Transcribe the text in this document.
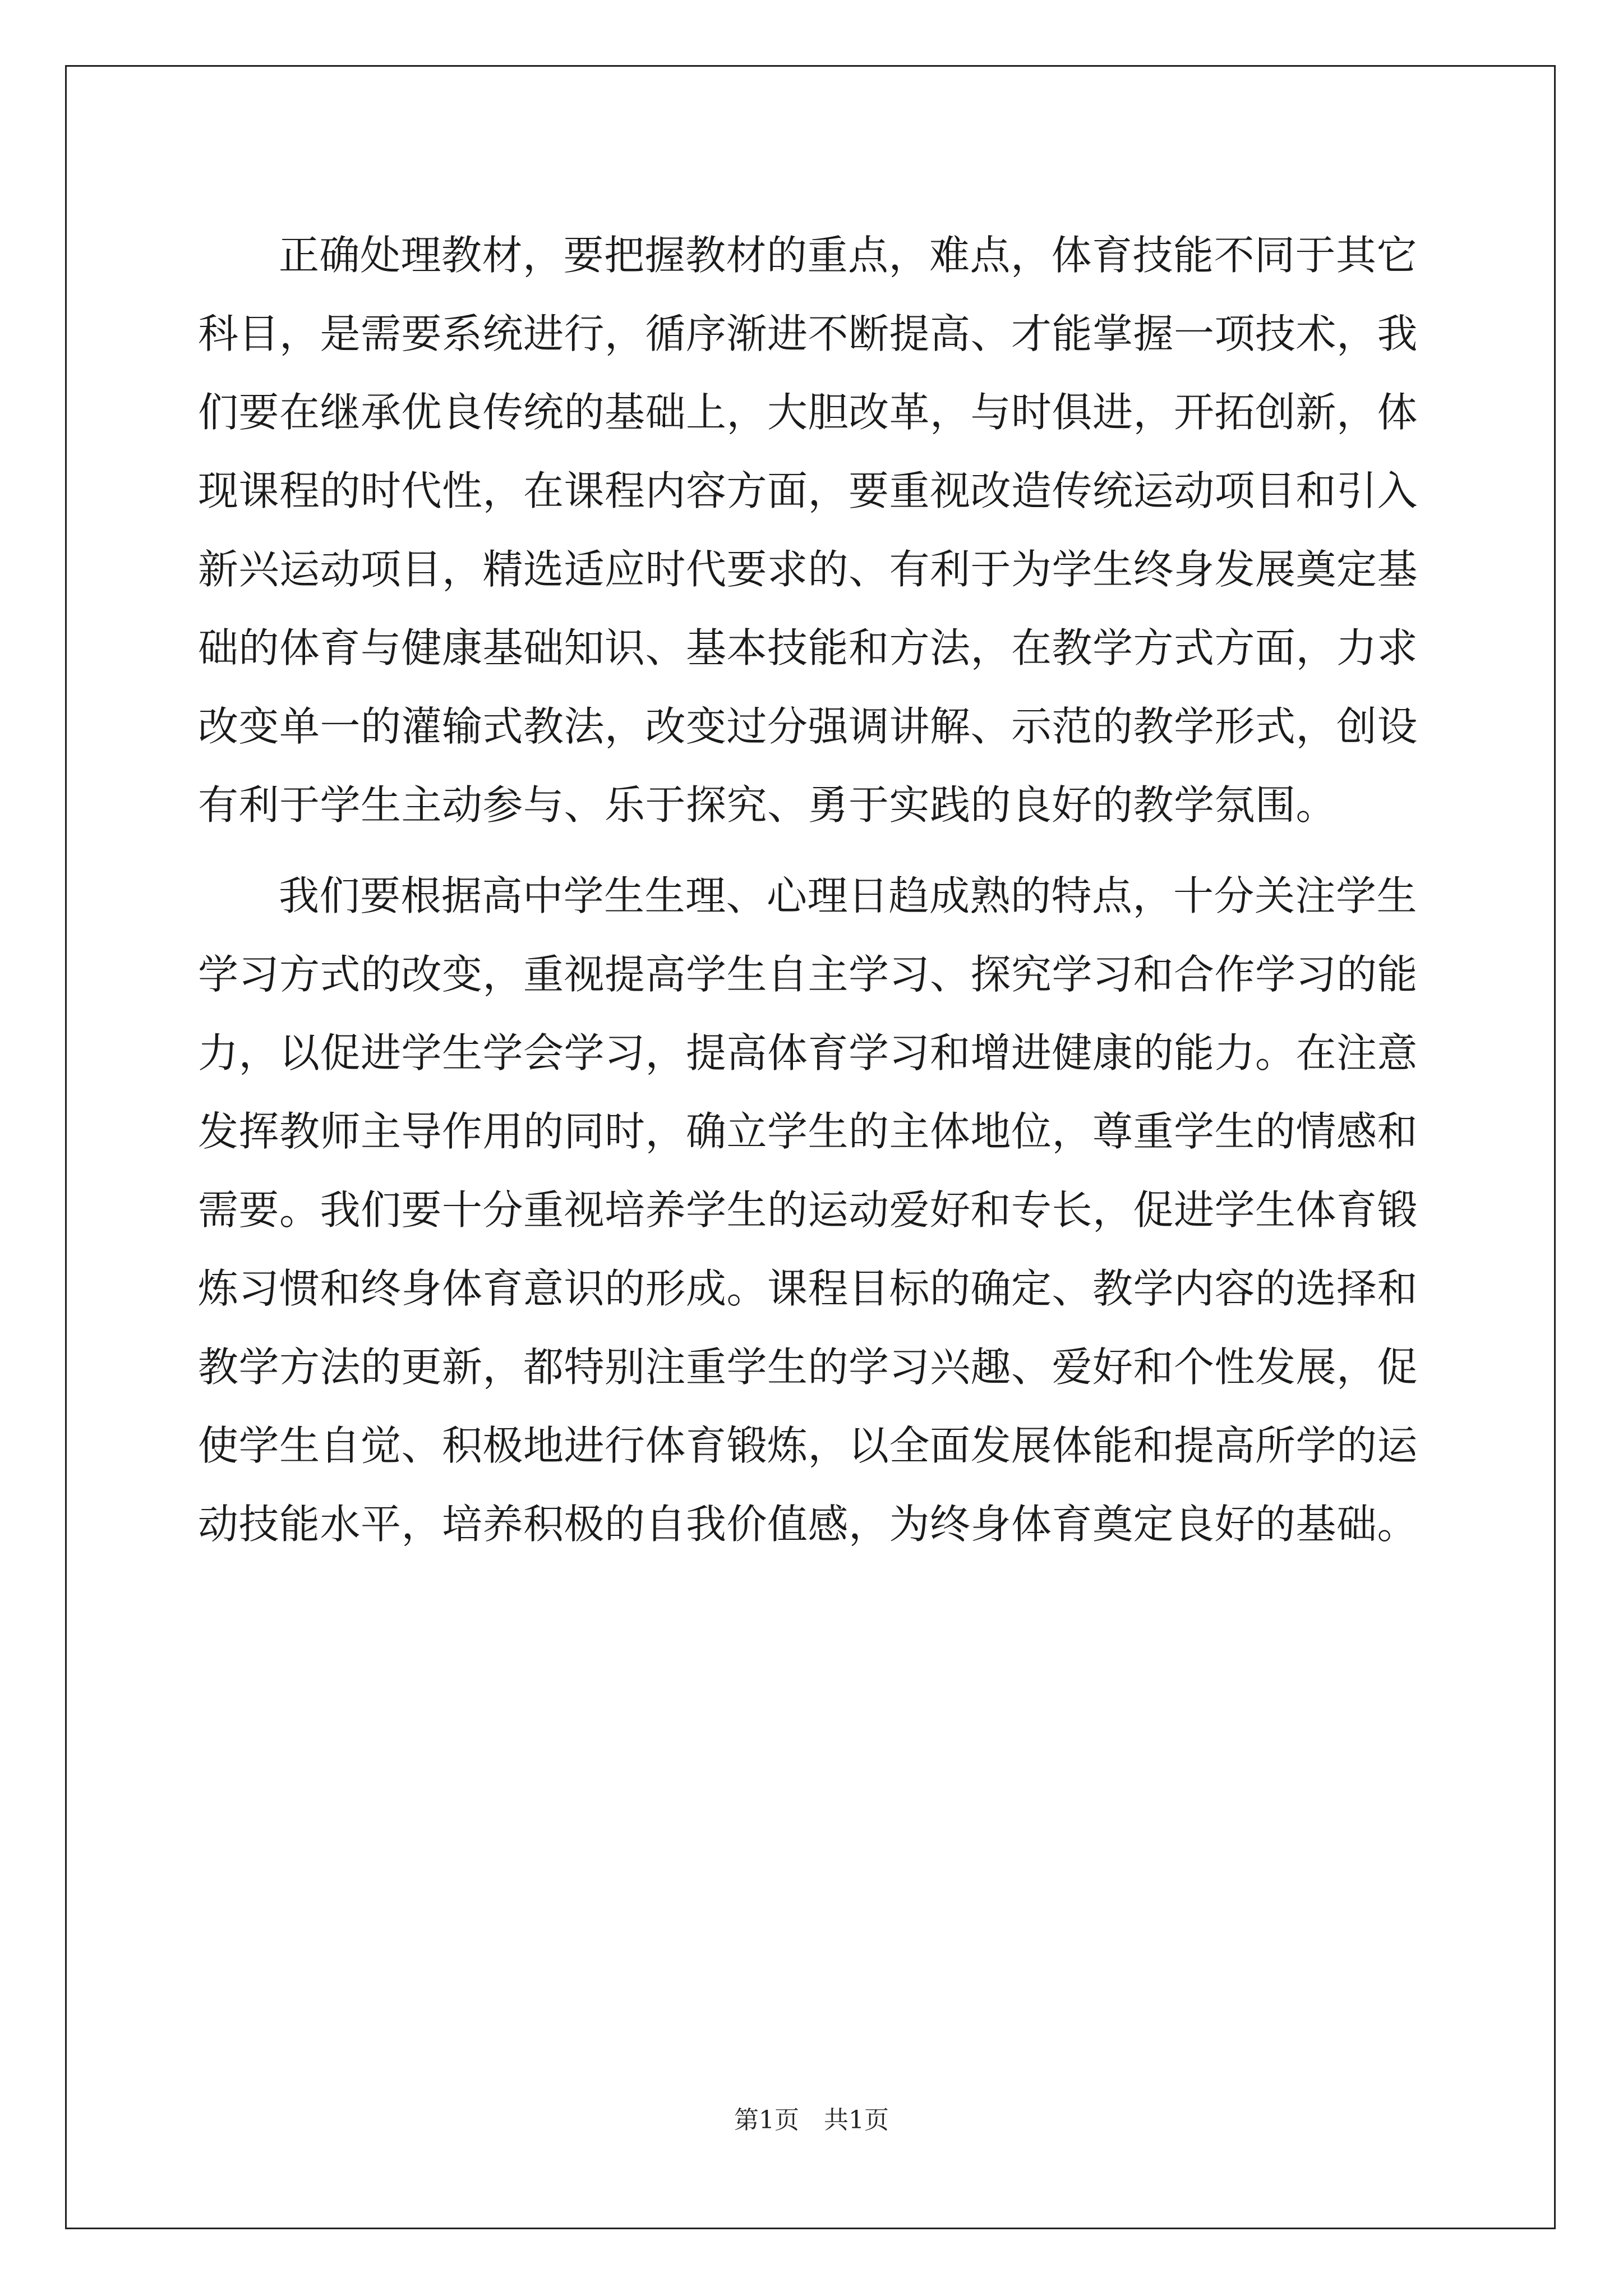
正确处理教材，要把握教材的重点，难点，体育技能不同于其它
科目，是需要系统进行，循序渐进不断提高、才能掌握一项技术，我
们要在继承优良传统的基础上，大胆改革，与时俱进，开拓创新，体
现课程的时代性，在课程内容方面，要重视改造传统运动项目和引入
新兴运动项目，精选适应时代要求的、有利于为学生终身发展奠定基
础的体育与健康基础知识、基本技能和方法，在教学方式方面，力求
改变单一的灌输式教法，改变过分强调讲解、示范的教学形式，创设
有利于学生主动参与、乐于探究、勇于实践的良好的教学氛围。

我们要根据高中学生生理、心理日趋成熟的特点，十分关注学生
学习方式的改变，重视提高学生自主学习、探究学习和合作学习的能
力，以促进学生学会学习，提高体育学习和增进健康的能力。在注意
发挥教师主导作用的同时，确立学生的主体地位，尊重学生的情感和
需要。我们要十分重视培养学生的运动爱好和专长，促进学生体育锻
炼习惯和终身体育意识的形成。课程目标的确定、教学内容的选择和
教学方法的更新，都特别注重学生的学习兴趣、爱好和个性发展，促
使学生自觉、积极地进行体育锻炼，以全面发展体能和提高所学的运
动技能水平，培养积极的自我价值感，为终身体育奠定良好的基础。

第1页　共1页
